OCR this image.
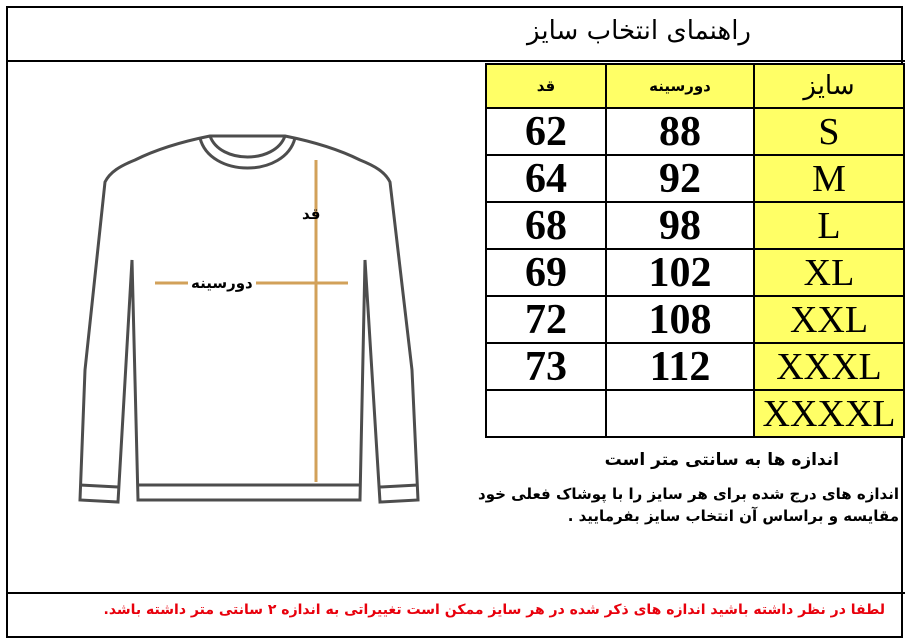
راهنمای انتخاب سایز
قد
دورسینه
قد	دورسینه	سایز
62	88	S
64	92	M
68	98	L
69	102	XL
72	108	XXL
73	112	XXXL
		XXXXL
اندازه ها به سانتی متر است
اندازه های درج شده برای هر سایز را با پوشاک فعلی خود مقایسه و براساس آن انتخاب سایز بفرمایید .
لطفا در نظر داشته باشید اندازه های ذکر شده در هر سایز ممکن است تغییراتی به اندازه ۲ سانتی متر داشته باشد.
